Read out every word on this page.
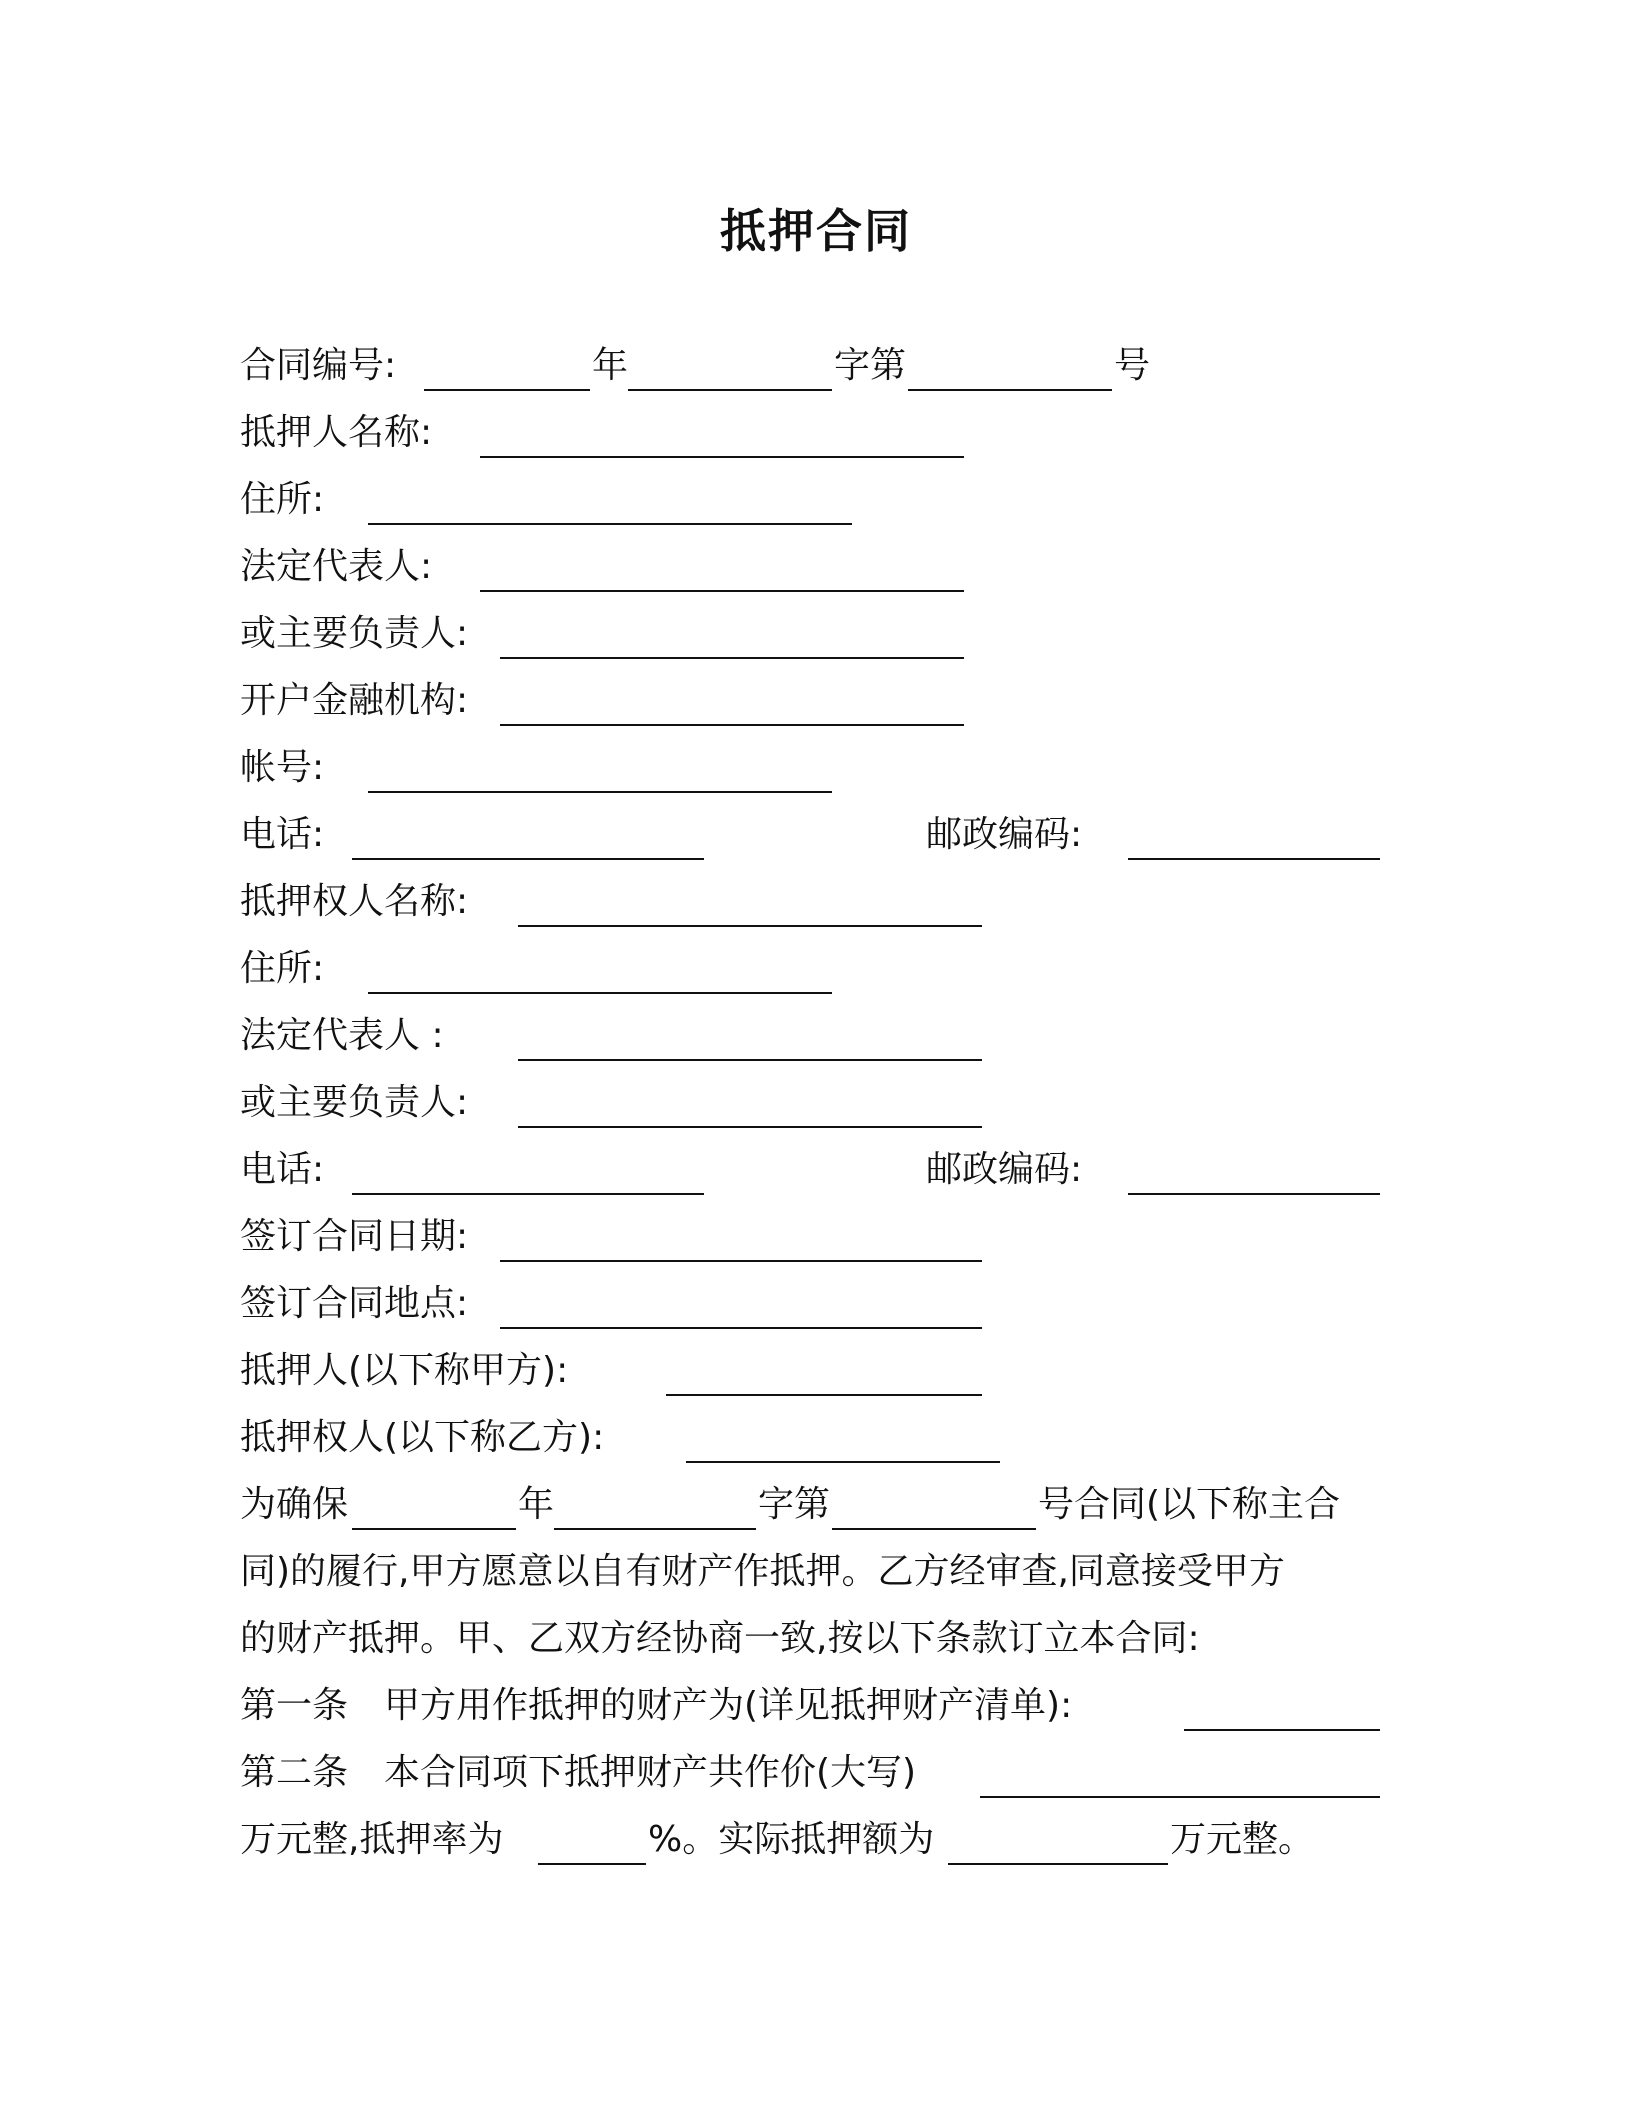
抵押合同
合同编号:	年	字第	号
抵押人名称:
住所:
法定代表人:
或主要负责人:
开户金融机构:
帐号:
电话:	邮政编码:
抵押权人名称:
住所:
法定代表人 :
或主要负责人:
电话:	邮政编码:
签订合同日期:
签订合同地点:
抵押人(以下称甲方):
抵押权人(以下称乙方):
为确保	年	字第	号合同(以下称主合
同)的履行,甲方愿意以自有财产作抵押。乙方经审查,同意接受甲方
的财产抵押。甲、乙双方经协商一致,按以下条款订立本合同:
第一条　甲方用作抵押的财产为(详见抵押财产清单):
第二条　本合同项下抵押财产共作价(大写)
万元整,抵押率为	%。实际抵押额为	万元整。
